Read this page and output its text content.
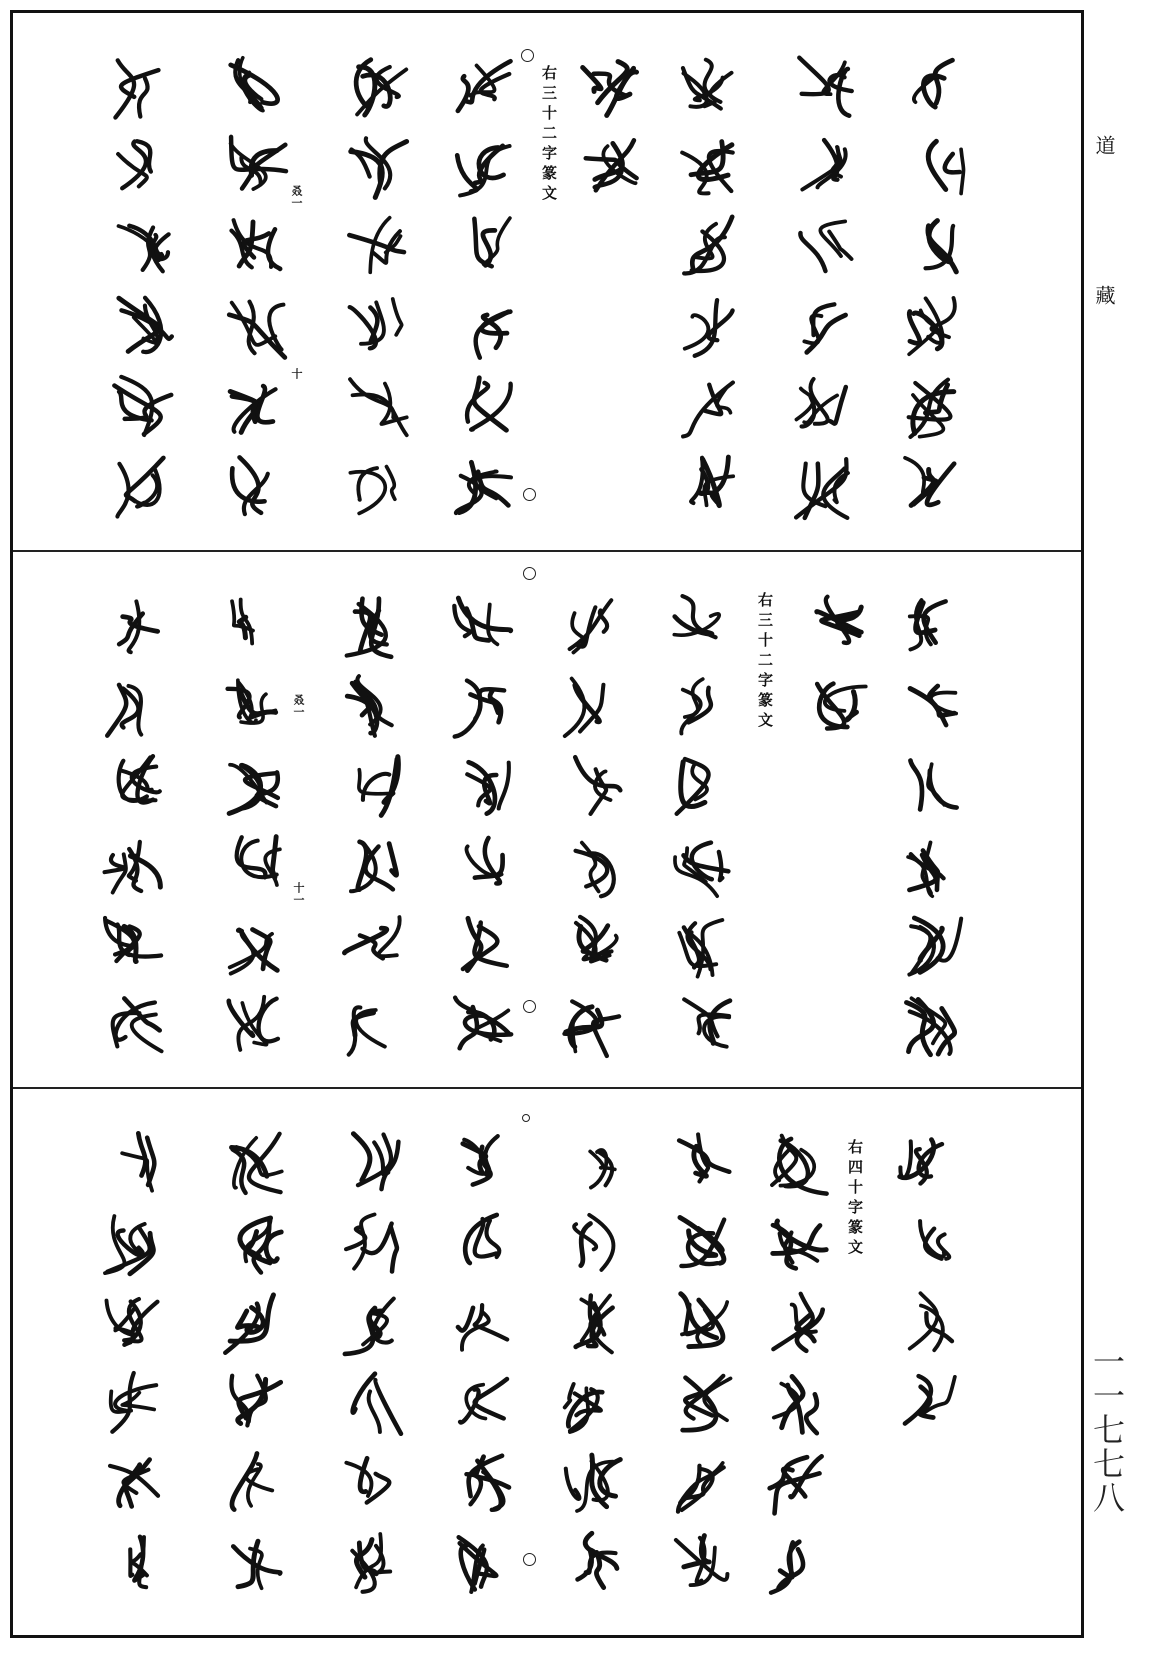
道
藏
一一七七八
右三十二字篆文
叒一
十
右三十二字篆文
叒一
十一
右四十字篆文
